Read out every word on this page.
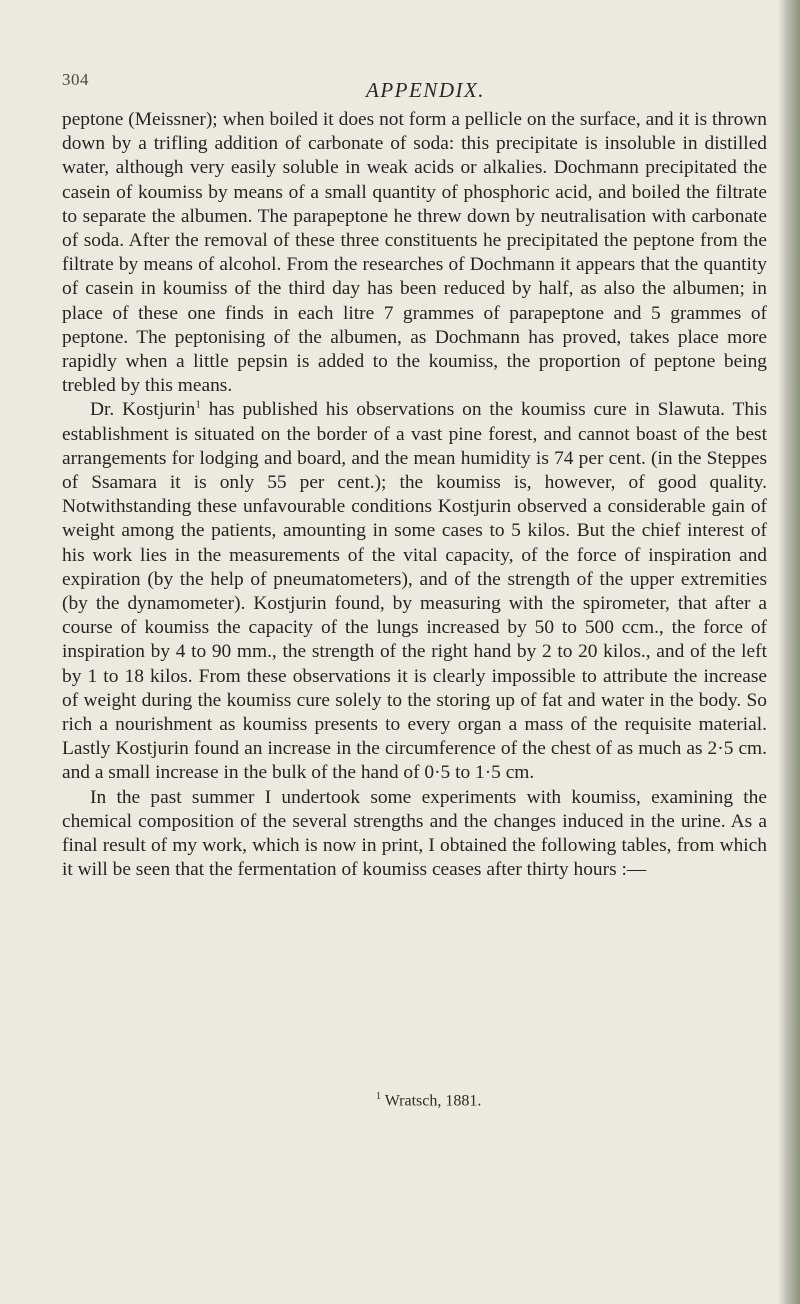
304	APPENDIX.

peptone (Meissner); when boiled it does not form a pellicle on the surface, and it is thrown down by a trifling addition of carbonate of soda: this precipitate is insoluble in distilled water, although very easily soluble in weak acids or alkalies. Dochmann precipitated the casein of koumiss by means of a small quantity of phosphoric acid, and boiled the filtrate to separate the albumen. The parapeptone he threw down by neutralisation with carbonate of soda. After the removal of these three constituents he precipitated the peptone from the filtrate by means of alcohol. From the researches of Dochmann it appears that the quantity of casein in koumiss of the third day has been reduced by half, as also the albumen; in place of these one finds in each litre 7 grammes of parapeptone and 5 grammes of peptone. The peptonising of the albumen, as Dochmann has proved, takes place more rapidly when a little pepsin is added to the koumiss, the proportion of peptone being trebled by this means.

Dr. Kostjurin$^1$ has published his observations on the koumiss cure in Slawuta. This establishment is situated on the border of a vast pine forest, and cannot boast of the best arrangements for lodging and board, and the mean humidity is 74 per cent. (in the Steppes of Ssamara it is only 55 per cent.); the koumiss is, however, of good quality. Notwithstanding these unfavourable conditions Kostjurin observed a considerable gain of weight among the patients, amounting in some cases to 5 kilos. But the chief interest of his work lies in the measurements of the vital capacity, of the force of inspiration and expiration (by the help of pneumatometers), and of the strength of the upper extremities (by the dynamometer). Kostjurin found, by measuring with the spirometer, that after a course of koumiss the capacity of the lungs increased by 50 to 500 ccm., the force of inspiration by 4 to 90 mm., the strength of the right hand by 2 to 20 kilos., and of the left by 1 to 18 kilos. From these observations it is clearly impossible to attribute the increase of weight during the koumiss cure solely to the storing up of fat and water in the body. So rich a nourishment as koumiss presents to every organ a mass of the requisite material. Lastly Kostjurin found an increase in the circumference of the chest of as much as 2·5 cm. and a small increase in the bulk of the hand of 0·5 to 1·5 cm.

In the past summer I undertook some experiments with koumiss, examining the chemical composition of the several strengths and the changes induced in the urine. As a final result of my work, which is now in print, I obtained the following tables, from which it will be seen that the fermentation of koumiss ceases after thirty hours :—

$^1$ Wratsch, 1881.
